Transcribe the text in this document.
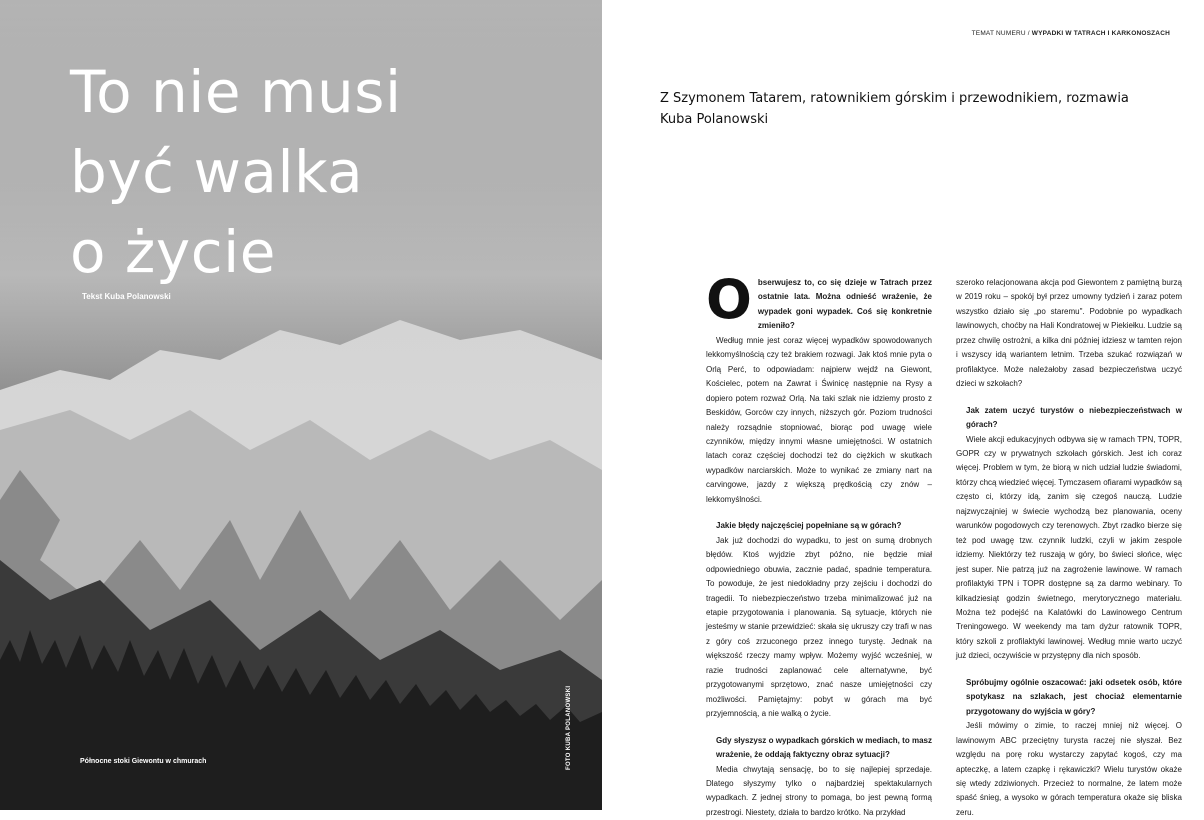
To nie musi
być walka
o życie
Tekst Kuba Polanowski
Północne stoki Giewontu w chmurach	FOTO KUBA POLANOWSKI
TEMAT NUMERU / WYPADKI W TATRACH I KARKONOSZACH
Z Szymonem Tatarem, ratownikiem górskim i przewodnikiem, rozmawia Kuba Polanowski
O bserwujesz to, co się dzieje w Tatrach przez ostatnie lata. Można odnieść wrażenie, że wypadek goni wypadek. Coś się konkretnie zmieniło?

Według mnie jest coraz więcej wypadków spowodowanych lekkomyślnością czy też brakiem rozwagi. Jak ktoś mnie pyta o Orlą Perć, to odpowiadam: najpierw wejdź na Giewont, Kościelec, potem na Zawrat i Świnicę następnie na Rysy a dopiero potem rozważ Orlą. Na taki szlak nie idziemy prosto z Beskidów, Gorców czy innych, niższych gór. Poziom trudności należy rozsądnie stopniować, biorąc pod uwagę wiele czynników, między innymi własne umiejętności. W ostatnich latach coraz częściej dochodzi też do ciężkich w skutkach wypadków narciarskich. Może to wynikać ze zmiany nart na carvingowe, jazdy z większą prędkością czy znów – lekkomyślności.

Jakie błędy najczęściej popełniane są w górach?

Jak już dochodzi do wypadku, to jest on sumą drobnych błędów. Ktoś wyjdzie zbyt późno, nie będzie miał odpowiedniego obuwia, zacznie padać, spadnie temperatura. To powoduje, że jest niedokładny przy zejściu i dochodzi do tragedii. To niebezpieczeństwo trzeba minimalizować już na etapie przygotowania i planowania. Są sytuacje, których nie jesteśmy w stanie przewidzieć: skała się ukruszy czy trafi w nas z góry coś zrzuconego przez innego turystę. Jednak na większość rzeczy mamy wpływ. Możemy wyjść wcześniej, w razie trudności zaplanować cele alternatywne, być przygotowanymi sprzętowo, znać nasze umiejętności czy możliwości. Pamiętajmy: pobyt w górach ma być przyjemnością, a nie walką o życie.

Gdy słyszysz o wypadkach górskich w mediach, to masz wrażenie, że oddają faktyczny obraz sytuacji?

Media chwytają sensację, bo to się najlepiej sprzedaje. Dlatego słyszymy tylko o najbardziej spektakularnych wypadkach. Z jednej strony to pomaga, bo jest pewną formą przestrogi. Niestety, działa to bardzo krótko. Na przykład

szeroko relacjonowana akcja pod Giewontem z pamiętną burzą w 2019 roku – spokój był przez umowny tydzień i zaraz potem wszystko działo się „po staremu". Podobnie po wypadkach lawinowych, choćby na Hali Kondratowej w Piekiełku. Ludzie są przez chwilę ostrożni, a kilka dni później idziesz w tamten rejon i wszyscy idą wariantem letnim. Trzeba szukać rozwiązań w profilaktyce. Może należałoby zasad bezpieczeństwa uczyć dzieci w szkołach?

Jak zatem uczyć turystów o niebezpieczeństwach w górach?

Wiele akcji edukacyjnych odbywa się w ramach TPN, TOPR, GOPR czy w prywatnych szkołach górskich. Jest ich coraz więcej. Problem w tym, że biorą w nich udział ludzie świadomi, którzy chcą wiedzieć więcej. Tymczasem ofiarami wypadków są często ci, którzy idą, zanim się czegoś nauczą. Ludzie najzwyczajniej w świecie wychodzą bez planowania, oceny warunków pogodowych czy terenowych. Zbyt rzadko bierze się też pod uwagę tzw. czynnik ludzki, czyli w jakim zespole idziemy. Niektórzy też ruszają w góry, bo świeci słońce, więc jest super. Nie patrzą już na zagrożenie lawinowe. W ramach profilaktyki TPN i TOPR dostępne są za darmo webinary. To kilkadziesiąt godzin świetnego, merytorycznego materiału. Można też podejść na Kalatówki do Lawinowego Centrum Treningowego. W weekendy ma tam dyżur ratownik TOPR, który szkoli z profilaktyki lawinowej. Według mnie warto uczyć już dzieci, oczywiście w przystępny dla nich sposób.

Spróbujmy ogólnie oszacować: jaki odsetek osób, które spotykasz na szlakach, jest chociaż elementarnie przygotowany do wyjścia w góry?

Jeśli mówimy o zimie, to raczej mniej niż więcej. O lawinowym ABC przeciętny turysta raczej nie słyszał. Bez względu na porę roku wystarczy zapytać kogoś, czy ma apteczkę, a latem czapkę i rękawiczki? Wielu turystów okaże się wtedy zdziwionych. Przecież to normalne, że latem może spaść śnieg, a wysoko w górach temperatura okaże się bliska zeru.
